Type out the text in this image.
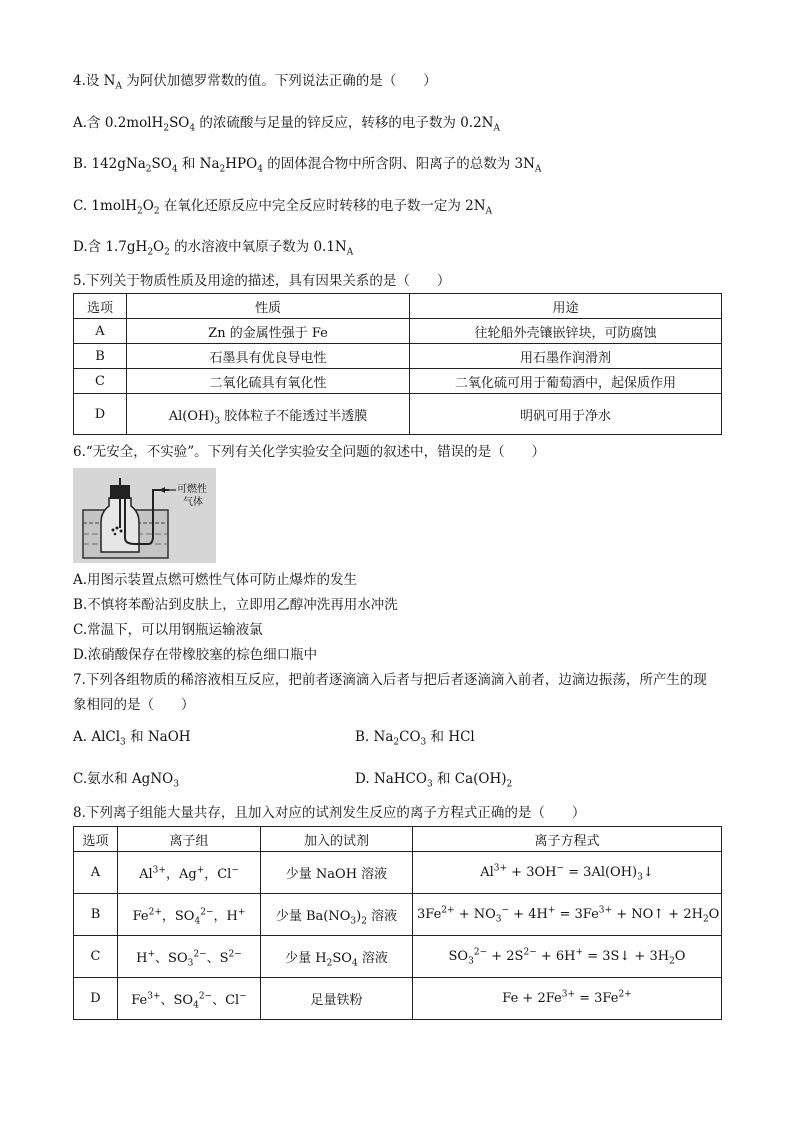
4.设 $N_A$ 为阿伏加德罗常数的值。下列说法正确的是（　　）
A.含 $0.2molH_2SO_4$ 的浓硫酸与足量的锌反应，转移的电子数为 $0.2N_A$
B. $142gNa_2SO_4$ 和 $Na_2HPO_4$ 的固体混合物中所含阴、阳离子的总数为 $3N_A$
C. $1molH_2O_2$ 在氧化还原反应中完全反应时转移的电子数一定为 $2N_A$
D.含 $1.7gH_2O_2$ 的水溶液中氧原子数为 $0.1N_A$
5.下列关于物质性质及用途的描述，具有因果关系的是（　　）
选项	性质	用途
A	Zn 的金属性强于 Fe	往轮船外壳镶嵌锌块，可防腐蚀
B	石墨具有优良导电性	用石墨作润滑剂
C	二氧化硫具有氧化性	二氧化硫可用于葡萄酒中，起保质作用
D	$Al(OH)_3$ 胶体粒子不能透过半透膜	明矾可用于净水
6.“无安全，不实验”。下列有关化学实验安全问题的叙述中，错误的是（　　）
可燃性
气体
A.用图示装置点燃可燃性气体可防止爆炸的发生
B.不慎将苯酚沾到皮肤上，立即用乙醇冲洗再用水冲洗
C.常温下，可以用钢瓶运输液氯
D.浓硝酸保存在带橡胶塞的棕色细口瓶中
7.下列各组物质的稀溶液相互反应，把前者逐滴滴入后者与把后者逐滴滴入前者，边滴边振荡，所产生的现
象相同的是（　　）
A. AlCl$_3$ 和 NaOH	B. $Na_2CO_3$ 和 HCl
C.氨水和 AgNO$_3$	D. NaHCO$_3$ 和 $Ca(OH)_2$
8.下列离子组能大量共存，且加入对应的试剂发生反应的离子方程式正确的是（　　）
选项	离子组	加入的试剂	离子方程式
A	$Al^{3+}$，Ag+，Cl−	少量 NaOH 溶液	$Al^{3+} + 3OH^-$ = $3Al(OH)_3↓$
B	$Fe^{2+}$，$SO_4^{2-}$，H+	少量 $Ba(NO_3)_2$ 溶液	$3Fe^{2+} + NO_3^- + 4H^+ = 3Fe^{3+}$ + NO↑ + $2H_2O$
C	H+、$SO_3^{2-}$、$S^{2-}$	少量 $H_2SO_4$ 溶液	$SO_3^{2-} + 2S^{2-} + 6H^+$ = 3S↓ + $3H_2O$
D	$Fe^{3+}$、$SO_4^{2-}$、Cl−	足量铁粉	$Fe + 2Fe^{3+} = 3Fe^{2+}$
